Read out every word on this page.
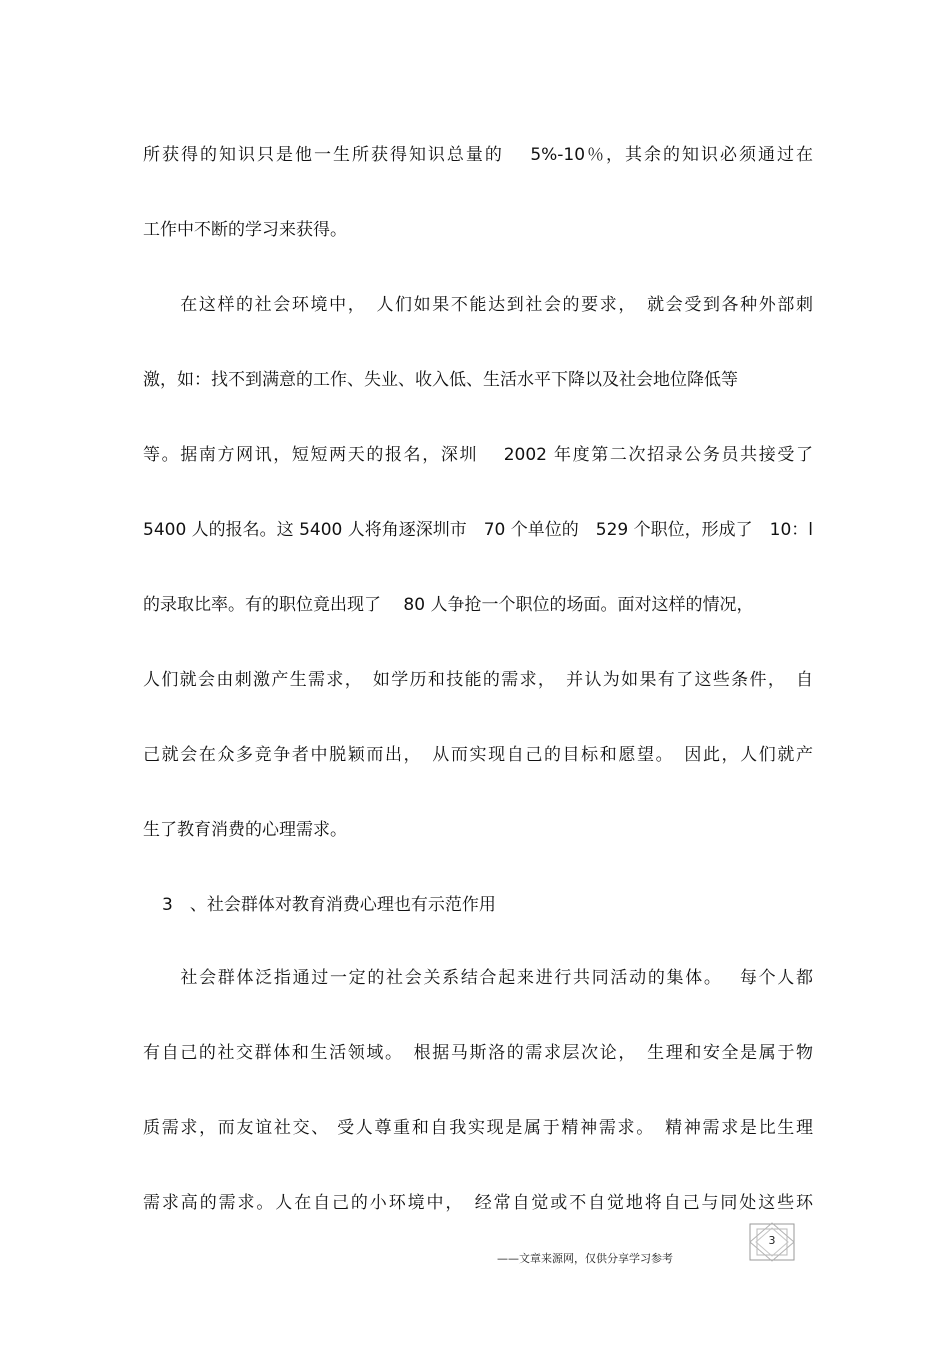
所获得的知识只是他一生所获得知识总量的　 5%-10％，其余的知识必须通过在
工作中不断的学习来获得。
　　在这样的社会环境中，　人们如果不能达到社会的要求，　就会受到各种外部刺
激，如：找不到满意的工作、失业、收入低、生活水平下降以及社会地位降低等
等。据南方网讯，短短两天的报名，深圳　 2002 年度第二次招录公务员共接受了
5400 人的报名。这 5400 人将角逐深圳市　70 个单位的　529 个职位，形成了　10：l
的录取比率。有的职位竟出现了　 80 人争抢一个职位的场面。面对这样的情况，
人们就会由刺激产生需求，　如学历和技能的需求，　并认为如果有了这些条件，　自
己就会在众多竞争者中脱颖而出，　从而实现自己的目标和愿望。　因此，人们就产
生了教育消费的心理需求。
3　、社会群体对教育消费心理也有示范作用
　　社会群体泛指通过一定的社会关系结合起来进行共同活动的集体。　 每个人都
有自己的社交群体和生活领域。　根据马斯洛的需求层次论，　生理和安全是属于物
质需求，而友谊社交、 受人尊重和自我实现是属于精神需求。　精神需求是比生理
需求高的需求。人在自己的小环境中，　经常自觉或不自觉地将自己与同处这些环
3
——文章来源网，仅供分享学习参考
